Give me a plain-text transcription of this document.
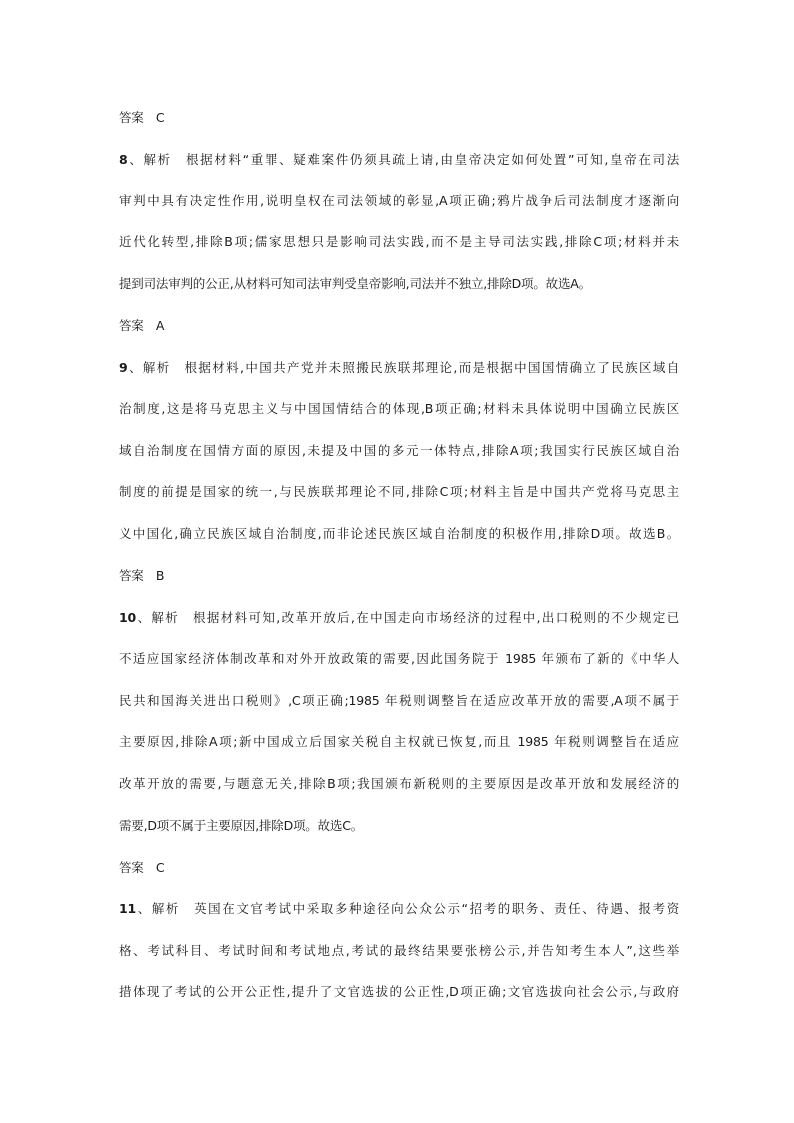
答案　C
8、解析　根据材料“重罪、疑难案件仍须具疏上请,由皇帝决定如何处置”可知,皇帝在司法
审判中具有决定性作用,说明皇权在司法领域的彰显,A项正确;鸦片战争后司法制度才逐渐向
近代化转型,排除B项;儒家思想只是影响司法实践,而不是主导司法实践,排除C项;材料并未
提到司法审判的公正,从材料可知司法审判受皇帝影响,司法并不独立,排除D项。故选A。
答案　A
9、解析　根据材料,中国共产党并未照搬民族联邦理论,而是根据中国国情确立了民族区域自
治制度,这是将马克思主义与中国国情结合的体现,B项正确;材料未具体说明中国确立民族区
域自治制度在国情方面的原因,未提及中国的多元一体特点,排除A项;我国实行民族区域自治
制度的前提是国家的统一,与民族联邦理论不同,排除C项;材料主旨是中国共产党将马克思主
义中国化,确立民族区域自治制度,而非论述民族区域自治制度的积极作用,排除D项。故选B。
答案　B
10、解析　根据材料可知,改革开放后,在中国走向市场经济的过程中,出口税则的不少规定已
不适应国家经济体制改革和对外开放政策的需要,因此国务院于 1985 年颁布了新的《中华人
民共和国海关进出口税则》,C项正确;1985 年税则调整旨在适应改革开放的需要,A项不属于
主要原因,排除A项;新中国成立后国家关税自主权就已恢复,而且 1985 年税则调整旨在适应
改革开放的需要,与题意无关,排除B项;我国颁布新税则的主要原因是改革开放和发展经济的
需要,D项不属于主要原因,排除D项。故选C。
答案　C
11、解析　英国在文官考试中采取多种途径向公众公示“招考的职务、责任、待遇、报考资
格、考试科目、考试时间和考试地点,考试的最终结果要张榜公示,并告知考生本人”,这些举
措体现了考试的公开公正性,提升了文官选拔的公正性,D项正确;文官选拔向社会公示,与政府
